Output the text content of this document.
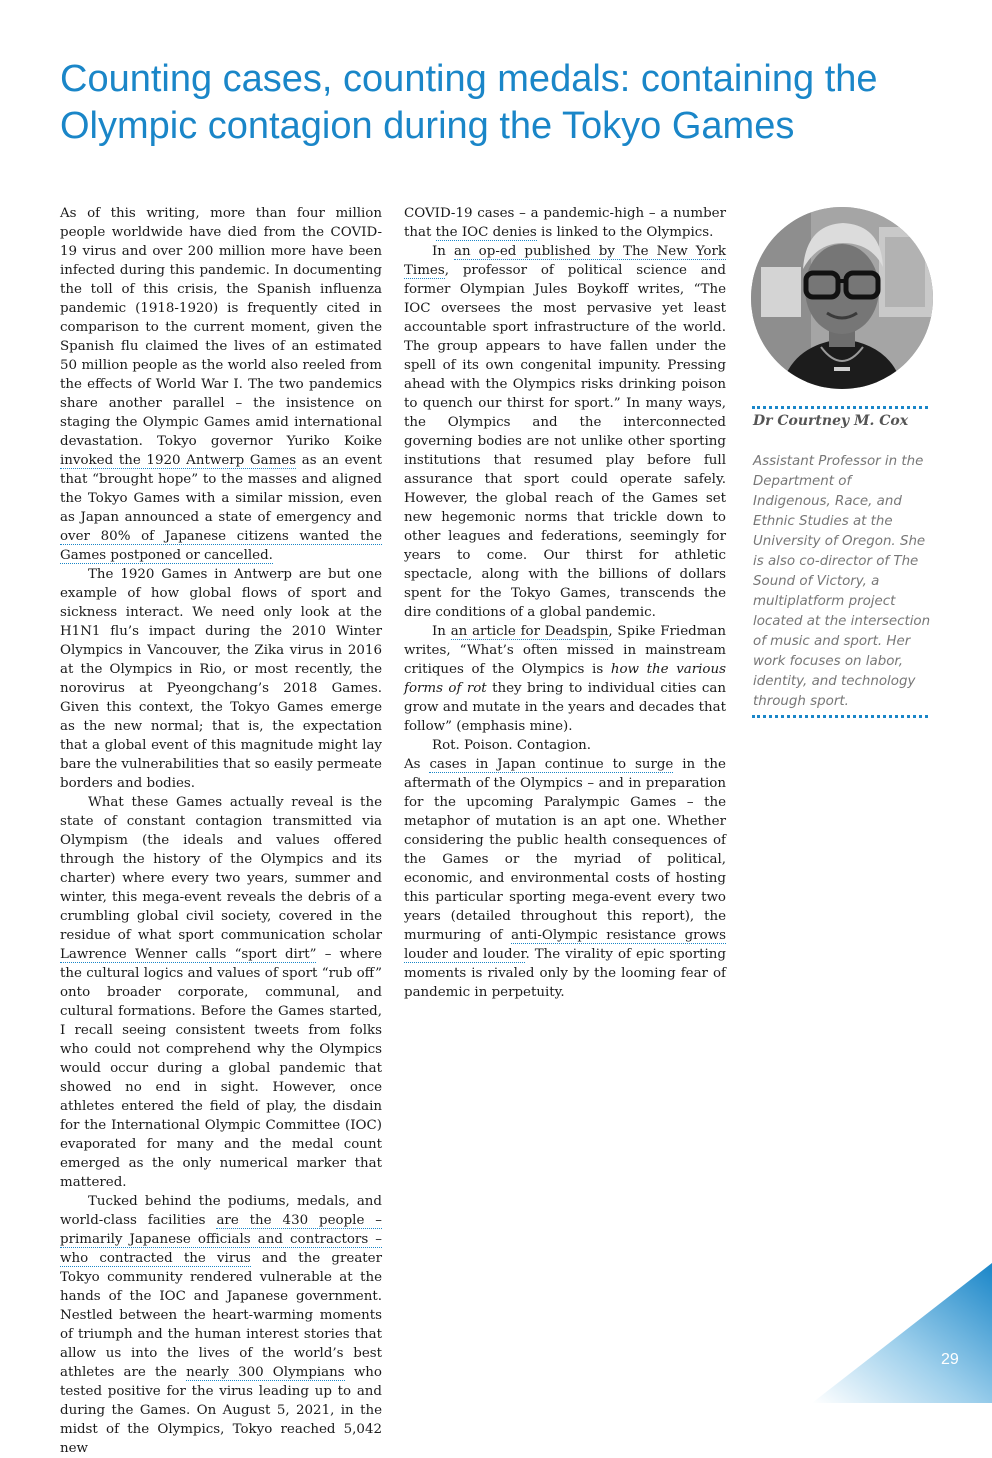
Counting cases, counting medals: containing the Olympic contagion during the Tokyo Games

As of this writing, more than four million people worldwide have died from the COVID-19 virus and over 200 million more have been infected during this pandemic. In documenting the toll of this crisis, the Spanish influenza pandemic (1918-1920) is frequently cited in comparison to the current moment, given the Spanish flu claimed the lives of an estimated 50 million people as the world also reeled from the effects of World War I. The two pandemics share another parallel – the insistence on staging the Olympic Games amid international devastation. Tokyo governor Yuriko Koike invoked the 1920 Antwerp Games as an event that “brought hope” to the masses and aligned the Tokyo Games with a similar mission, even as Japan announced a state of emergency and over 80% of Japanese citizens wanted the Games postponed or cancelled.

The 1920 Games in Antwerp are but one example of how global flows of sport and sickness interact. We need only look at the H1N1 flu’s impact during the 2010 Winter Olympics in Vancouver, the Zika virus in 2016 at the Olympics in Rio, or most recently, the norovirus at Pyeongchang’s 2018 Games. Given this context, the Tokyo Games emerge as the new normal; that is, the expectation that a global event of this magnitude might lay bare the vulnerabilities that so easily permeate borders and bodies.

What these Games actually reveal is the state of constant contagion transmitted via Olympism (the ideals and values offered through the history of the Olympics and its charter) where every two years, summer and winter, this mega-event reveals the debris of a crumbling global civil society, covered in the residue of what sport communication scholar Lawrence Wenner calls “sport dirt” – where the cultural logics and values of sport “rub off” onto broader corporate, communal, and cultural formations. Before the Games started, I recall seeing consistent tweets from folks who could not comprehend why the Olympics would occur during a global pandemic that showed no end in sight. However, once athletes entered the field of play, the disdain for the International Olympic Committee (IOC) evaporated for many and the medal count emerged as the only numerical marker that mattered.

Tucked behind the podiums, medals, and world-class facilities are the 430 people – primarily Japanese officials and contractors – who contracted the virus and the greater Tokyo community rendered vulnerable at the hands of the IOC and Japanese government. Nestled between the heart-warming moments of triumph and the human interest stories that allow us into the lives of the world’s best athletes are the nearly 300 Olympians who tested positive for the virus leading up to and during the Games. On August 5, 2021, in the midst of the Olympics, Tokyo reached 5,042 new

COVID-19 cases – a pandemic-high – a number that the IOC denies is linked to the Olympics.

In an op-ed published by The New York Times, professor of political science and former Olympian Jules Boykoff writes, “The IOC oversees the most pervasive yet least accountable sport infrastructure of the world. The group appears to have fallen under the spell of its own congenital impunity. Pressing ahead with the Olympics risks drinking poison to quench our thirst for sport.” In many ways, the Olympics and the interconnected governing bodies are not unlike other sporting institutions that resumed play before full assurance that sport could operate safely. However, the global reach of the Games set new hegemonic norms that trickle down to other leagues and federations, seemingly for years to come. Our thirst for athletic spectacle, along with the billions of dollars spent for the Tokyo Games, transcends the dire conditions of a global pandemic.

In an article for Deadspin, Spike Friedman writes, “What’s often missed in mainstream critiques of the Olympics is how the various forms of rot they bring to individual cities can grow and mutate in the years and decades that follow” (emphasis mine).

Rot. Poison. Contagion.

As cases in Japan continue to surge in the aftermath of the Olympics – and in preparation for the upcoming Paralympic Games – the metaphor of mutation is an apt one. Whether considering the public health consequences of the Games or the myriad of political, economic, and environmental costs of hosting this particular sporting mega-event every two years (detailed throughout this report), the murmuring of anti-Olympic resistance grows louder and louder. The virality of epic sporting moments is rivaled only by the looming fear of pandemic in perpetuity.

Dr Courtney M. Cox

Assistant Professor in the Department of Indigenous, Race, and Ethnic Studies at the University of Oregon. She is also co-director of The Sound of Victory, a multiplatform project located at the intersection of music and sport. Her work focuses on labor, identity, and technology through sport.

29
